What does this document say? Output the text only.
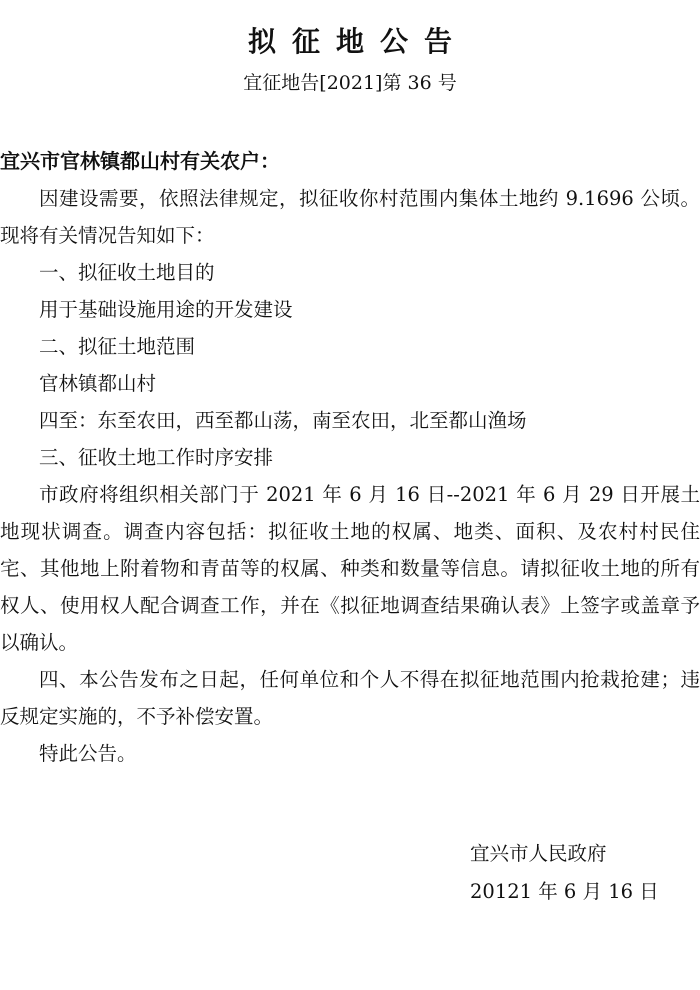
拟征地公告
宜征地告[2021]第 36 号
宜兴市官林镇都山村有关农户：

因建设需要，依照法律规定，拟征收你村范围内集体土地约 9.1696 公顷。现将有关情况告知如下：

一、拟征收土地目的

用于基础设施用途的开发建设

二、拟征土地范围

官林镇都山村

四至：东至农田，西至都山荡，南至农田，北至都山渔场

三、征收土地工作时序安排

市政府将组织相关部门于 2021 年 6 月 16 日--2021 年 6 月 29 日开展土地现状调查。调查内容包括：拟征收土地的权属、地类、面积、及农村村民住宅、其他地上附着物和青苗等的权属、种类和数量等信息。请拟征收土地的所有权人、使用权人配合调查工作，并在《拟征地调查结果确认表》上签字或盖章予以确认。

四、本公告发布之日起，任何单位和个人不得在拟征地范围内抢栽抢建；违反规定实施的，不予补偿安置。

特此公告。

宜兴市人民政府
20121 年 6 月 16 日
